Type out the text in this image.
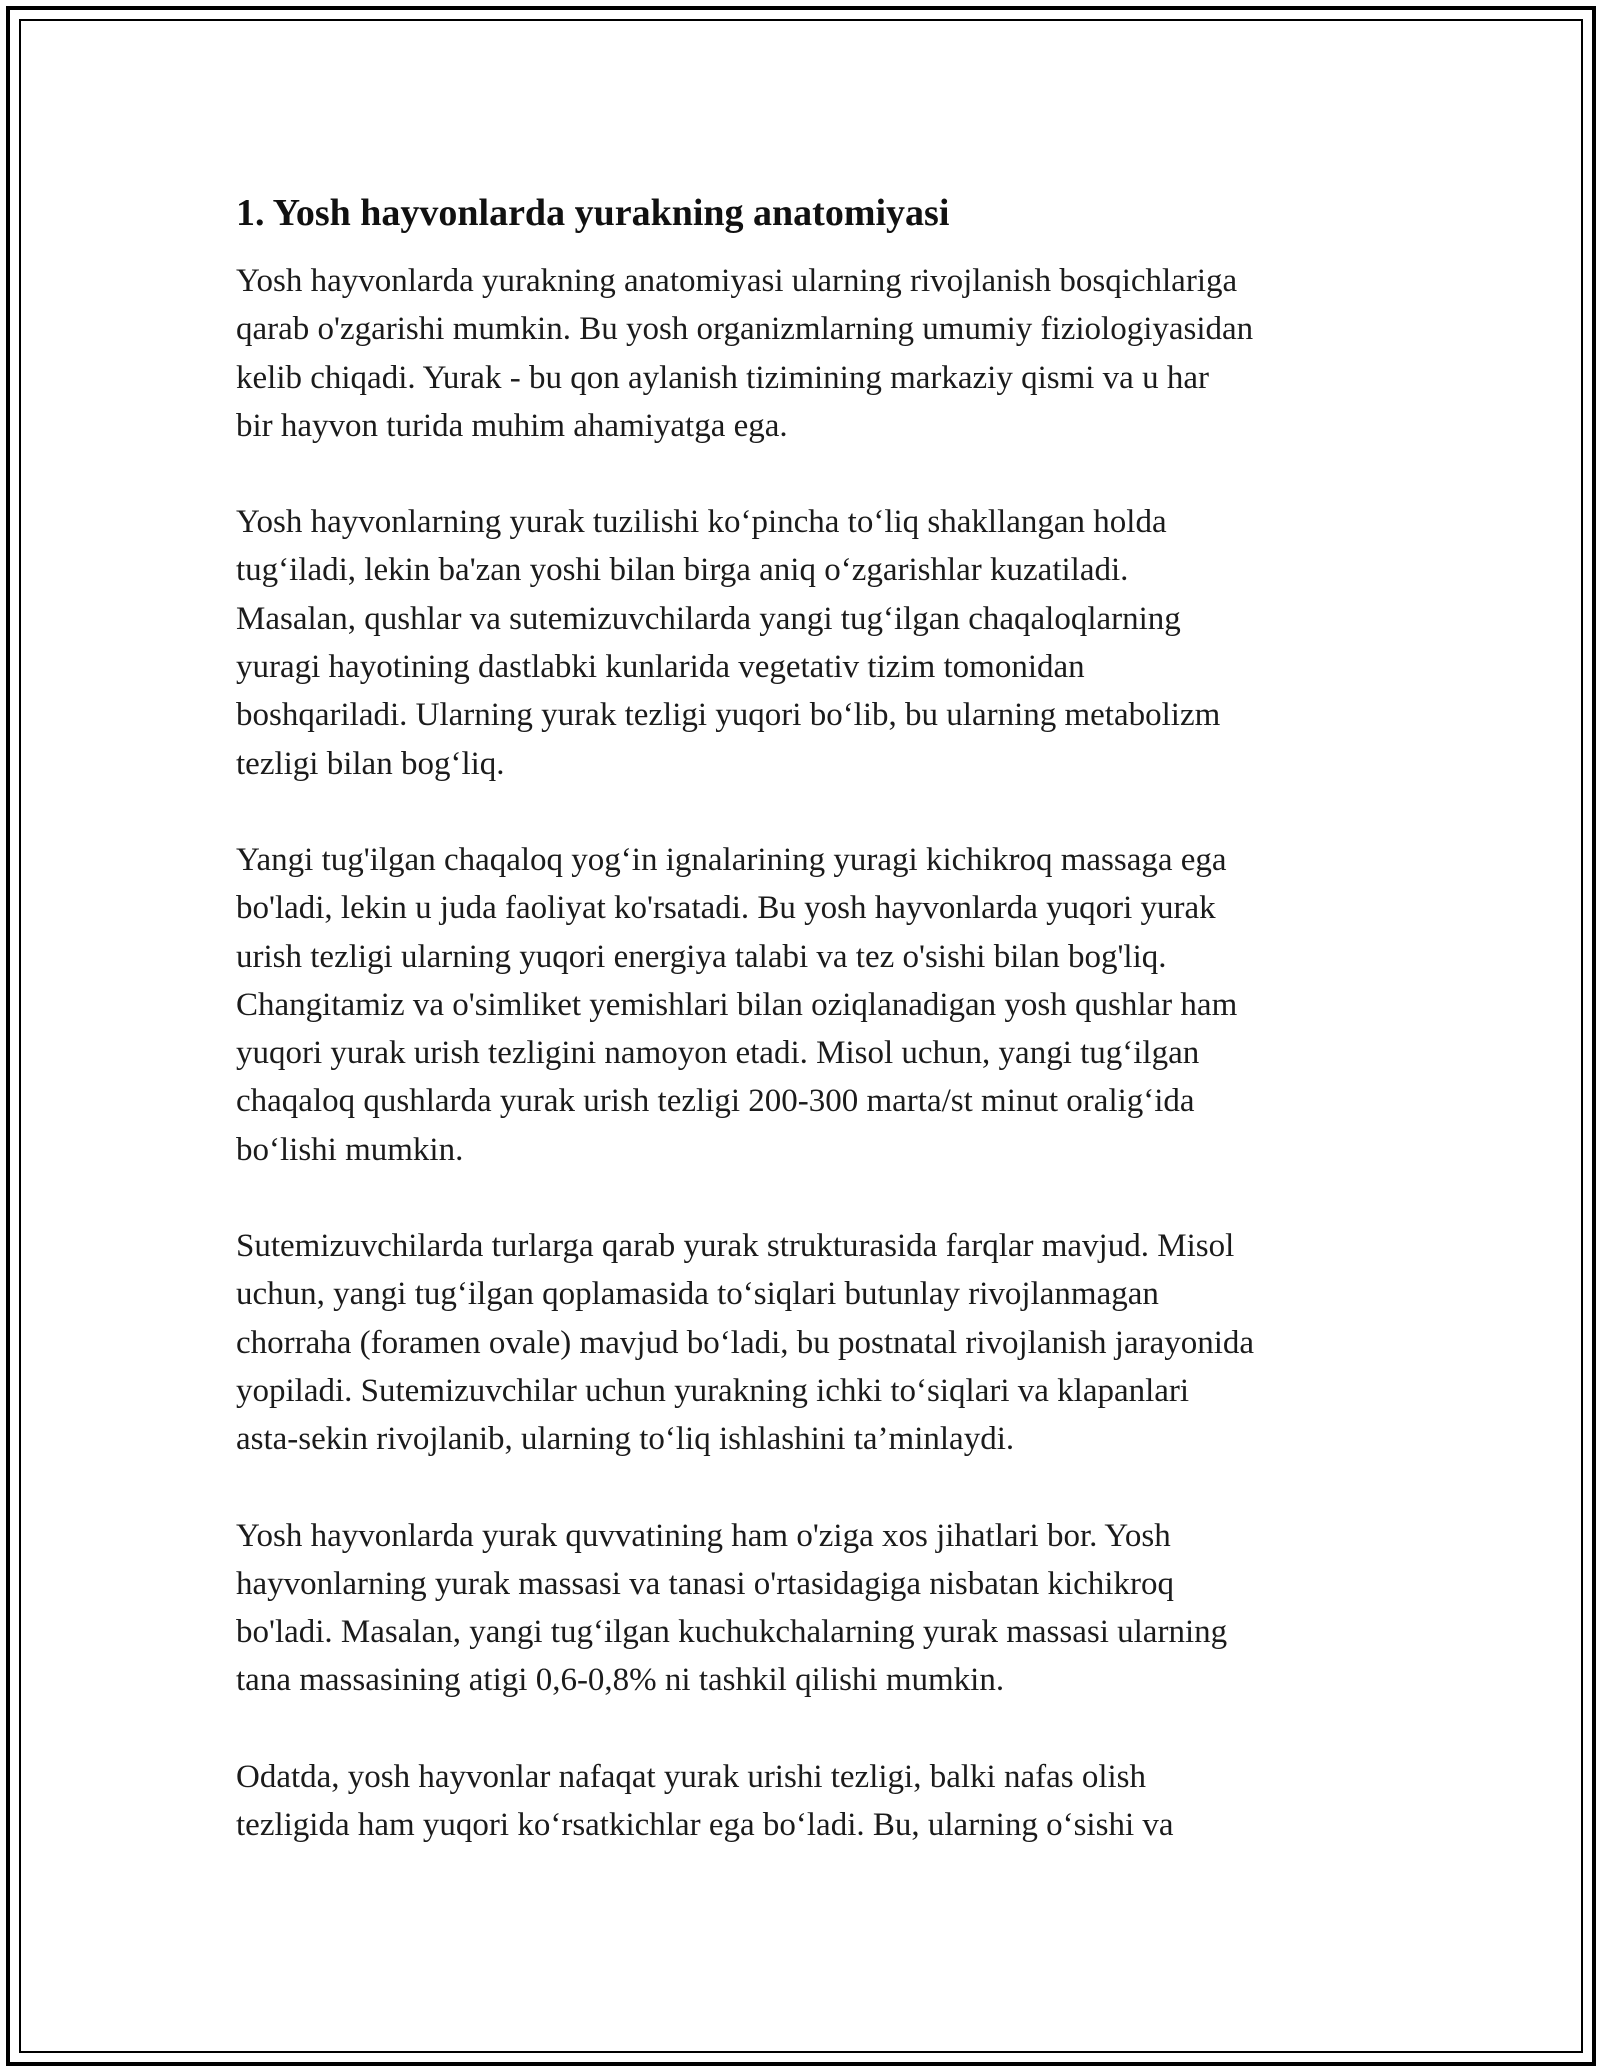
1. Yosh hayvonlarda yurakning anatomiyasi

Yosh hayvonlarda yurakning anatomiyasi ularning rivojlanish bosqichlariga
qarab o'zgarishi mumkin. Bu yosh organizmlarning umumiy fiziologiyasidan
kelib chiqadi. Yurak - bu qon aylanish tizimining markaziy qismi va u har
bir hayvon turida muhim ahamiyatga ega.

Yosh hayvonlarning yurak tuzilishi ko‘pincha to‘liq shakllangan holda
tug‘iladi, lekin ba'zan yoshi bilan birga aniq o‘zgarishlar kuzatiladi.
Masalan, qushlar va sutemizuvchilarda yangi tug‘ilgan chaqaloqlarning
yuragi hayotining dastlabki kunlarida vegetativ tizim tomonidan
boshqariladi. Ularning yurak tezligi yuqori bo‘lib, bu ularning metabolizm
tezligi bilan bog‘liq.

Yangi tug'ilgan chaqaloq yog‘in ignalarining yuragi kichikroq massaga ega
bo'ladi, lekin u juda faoliyat ko'rsatadi. Bu yosh hayvonlarda yuqori yurak
urish tezligi ularning yuqori energiya talabi va tez o'sishi bilan bog'liq.
Changitamiz va o'simliket yemishlari bilan oziqlanadigan yosh qushlar ham
yuqori yurak urish tezligini namoyon etadi. Misol uchun, yangi tug‘ilgan
chaqaloq qushlarda yurak urish tezligi 200-300 marta/st minut oralig‘ida
bo‘lishi mumkin.

Sutemizuvchilarda turlarga qarab yurak strukturasida farqlar mavjud. Misol
uchun, yangi tug‘ilgan qoplamasida to‘siqlari butunlay rivojlanmagan
chorraha (foramen ovale) mavjud bo‘ladi, bu postnatal rivojlanish jarayonida
yopiladi. Sutemizuvchilar uchun yurakning ichki to‘siqlari va klapanlari
asta-sekin rivojlanib, ularning to‘liq ishlashini ta’minlaydi.

Yosh hayvonlarda yurak quvvatining ham o'ziga xos jihatlari bor. Yosh
hayvonlarning yurak massasi va tanasi o'rtasidagiga nisbatan kichikroq
bo'ladi. Masalan, yangi tug‘ilgan kuchukchalarning yurak massasi ularning
tana massasining atigi 0,6-0,8% ni tashkil qilishi mumkin.

Odatda, yosh hayvonlar nafaqat yurak urishi tezligi, balki nafas olish
tezligida ham yuqori ko‘rsatkichlar ega bo‘ladi. Bu, ularning o‘sishi va
